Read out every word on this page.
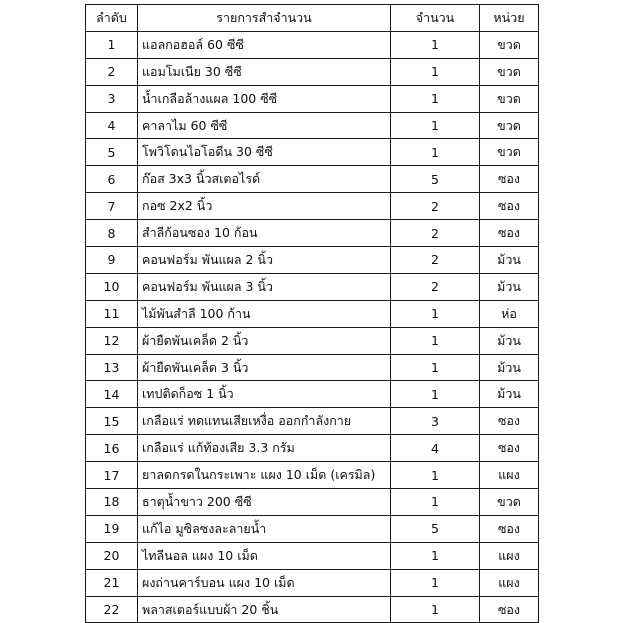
ลำดับ	รายการสำจำนวน	จำนวน	หน่วย
1	แอลกอฮอล์ 60 ซีซี	1	ขวด
2	แอมโมเนีย 30 ซีซี	1	ขวด
3	น้ำเกลือล้างแผล 100 ซีซี	1	ขวด
4	คาลาไม 60 ซีซี	1	ขวด
5	โพวิโดนไอโอดีน 30 ซีซี	1	ขวด
6	ก๊อส 3x3 นิ้วสเตอไรด์	5	ซอง
7	กอซ 2x2 นิ้ว	2	ซอง
8	สำลีก้อนซอง 10 ก้อน	2	ซอง
9	คอนฟอร์ม พันแผล 2 นิ้ว	2	ม้วน
10	คอนฟอร์ม พันแผล 3 นิ้ว	2	ม้วน
11	ไม้พันสำลี 100 ก้าน	1	ห่อ
12	ผ้ายืดพันเคล็ด 2 นิ้ว	1	ม้วน
13	ผ้ายืดพันเคล็ด 3 นิ้ว	1	ม้วน
14	เทปติดก็อซ 1 นิ้ว	1	ม้วน
15	เกลือแร่ ทดแทนเสียเหงื่อ ออกกำลังกาย	3	ซอง
16	เกลือแร่ แก้ท้องเสีย 3.3 กรัม	4	ซอง
17	ยาลดกรดในกระเพาะ แผง 10 เม็ด (เครมิล)	1	แผง
18	ธาตุน้ำขาว 200 ซีซี	1	ขวด
19	แก้ไอ มูซิลซงละลายน้ำ	5	ซอง
20	ไทลีนอล แผง 10 เม็ด	1	แผง
21	ผงถ่านคาร์บอน แผง 10 เม็ด	1	แผง
22	พลาสเตอร์แบบผ้า 20 ชิ้น	1	ซอง
